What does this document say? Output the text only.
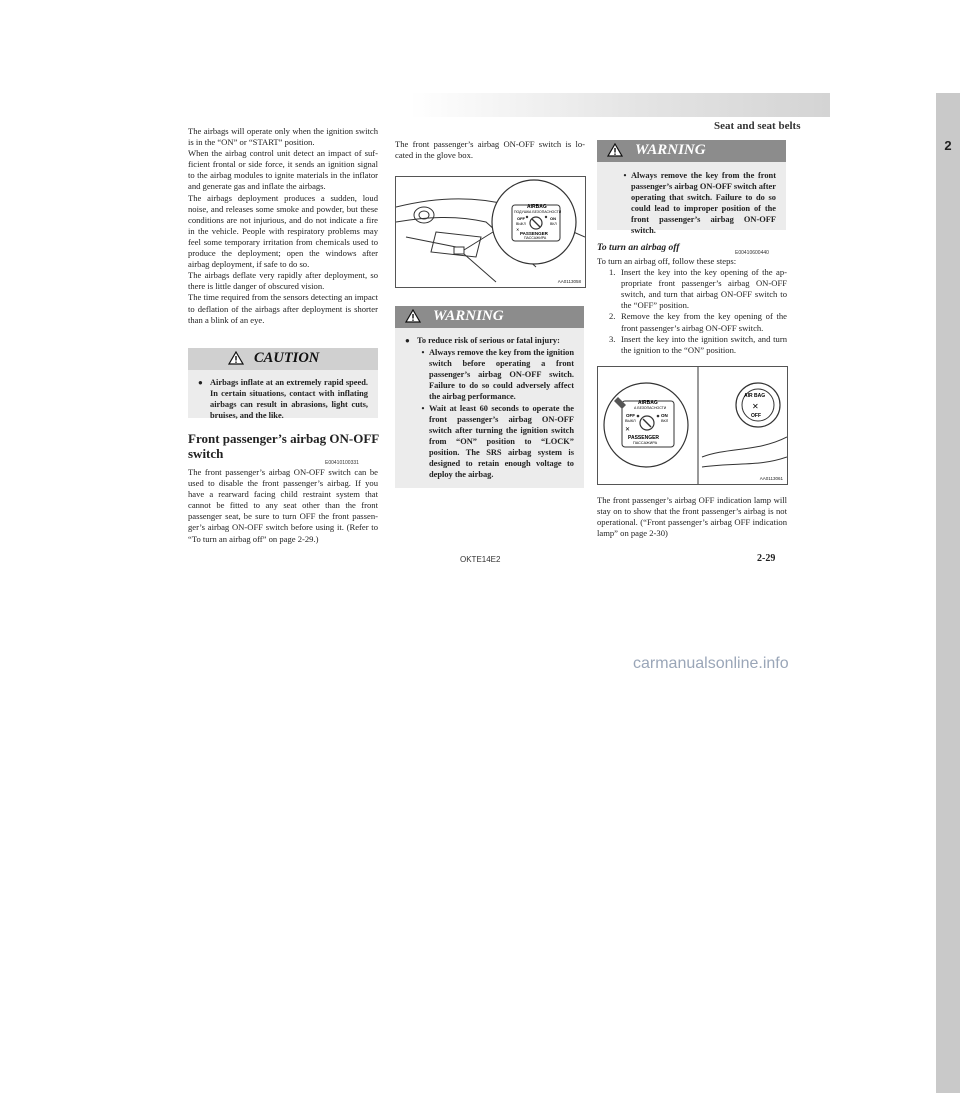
Seat and seat belts
2

The airbags will operate only when the ignition switch is in the “ON” or “START” position.

When the airbag control unit detect an impact of sufficient frontal or side force, it sends an ignition signal to the airbag modules to ignite materials in the inflator and generate gas and inflate the airbags.

The airbags deployment produces a sudden, loud noise, and releases some smoke and powder, but these conditions are not injurious, and do not indicate a fire in the vehicle. People with respiratory problems may feel some temporary irritation from chemicals used to produce the deployment; open the windows after airbag deployment, if safe to do so.

The airbags deflate very rapidly after deployment, so there is little danger of obscured vision.

The time required from the sensors detecting an impact to deflation of the airbags after deployment is shorter than a blink of an eye.

CAUTION
● Airbags inflate at an extremely rapid speed. In certain situations, contact with inflating airbags can result in abrasions, light cuts, bruises, and the like.
Front passenger’s airbag ON-OFF switch
E00410100331

The front passenger’s airbag ON-OFF switch can be used to disable the front passenger’s airbag. If you have a rearward facing child restraint system that cannot be fitted to any seat other than the front passenger seat, be sure to turn OFF the front passenger’s airbag ON-OFF switch before using it. (Refer to “To turn an airbag off” on page 2-29.)

The front passenger’s airbag ON-OFF switch is located in the glove box.

AIRBAG
ПОДУШКА БЕЗОПАСНОСТИ
OFF
ВЫКЛ
ON
ВКЛ
PASSENGER
ПАССАЖИРА
✕
AA0113058
WARNING
● To reduce risk of serious or fatal injury:
• Always remove the key from the ignition switch before operating a front passenger’s airbag ON-OFF switch. Failure to do so could adversely affect the airbag performance.
• Wait at least 60 seconds to operate the front passenger’s airbag ON-OFF switch after turning the ignition switch from “ON” position to “LOCK” position. The SRS airbag system is designed to retain enough voltage to deploy the airbag.
WARNING
• Always remove the key from the front passenger’s airbag ON-OFF switch after operating that switch. Failure to do so could lead to improper position of the front passenger’s airbag ON-OFF switch.
To turn an airbag off	E00410600440

To turn an airbag off, follow these steps:

1. Insert the key into the key opening of the appropriate front passenger’s airbag ON-OFF switch, and turn that airbag ON-OFF switch to the “OFF” position.
2. Remove the key from the key opening of the front passenger’s airbag ON-OFF switch.
3. Insert the key into the ignition switch, and turn the ignition to the “ON” position.
AIRBAG
А БЕЗОПАСНОСТИ
OFF
ВЫКЛ
ON
ВКЛ
PASSENGER
ПАССАЖИРА
✕
AIR BAG
OFF
✕
AA0113061

The front passenger’s airbag OFF indication lamp will stay on to show that the front passenger’s airbag is not operational. (“Front passenger’s airbag OFF indication lamp” on page 2-30)

OKTE14E2	2-29
carmanualsonline.info
